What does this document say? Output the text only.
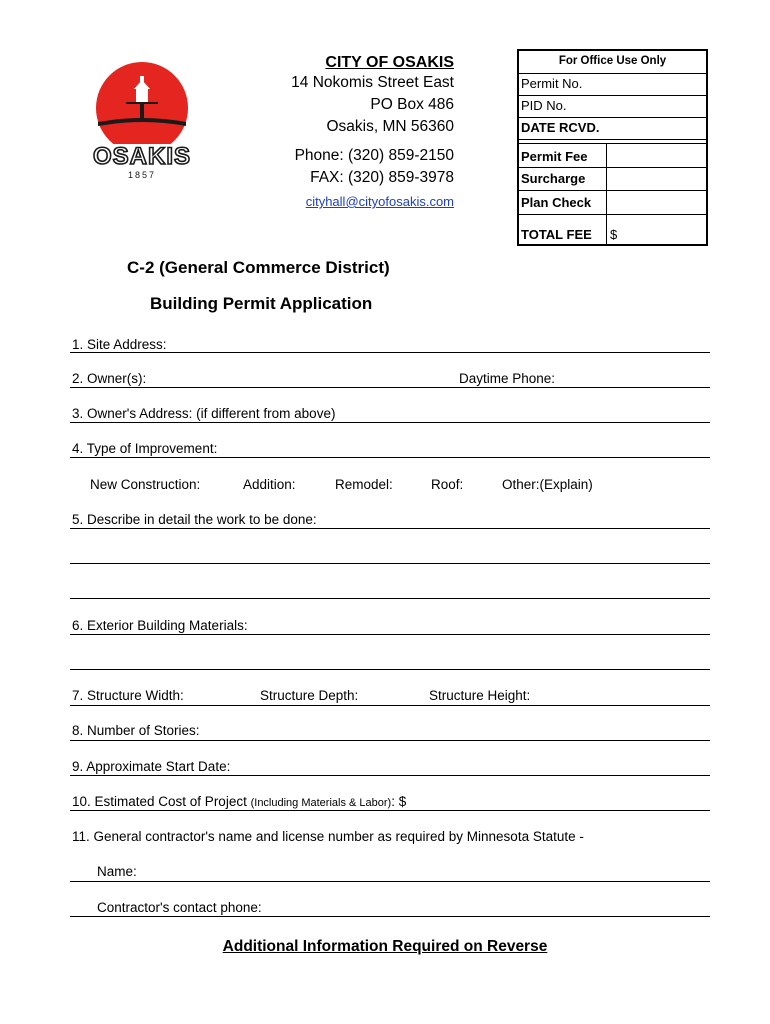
OSAKIS
1857
CITY OF OSAKIS
14 Nokomis Street East
PO Box 486
Osakis, MN 56360
Phone: (320) 859-2150
FAX: (320) 859-3978
cityhall@cityofosakis.com
For Office Use Only
Permit No.
PID No.
DATE RCVD.
Permit Fee
Surcharge
Plan Check
TOTAL FEE $
C-2 (General Commerce District)
Building Permit Application
1. Site Address:
2. Owner(s):	Daytime Phone:
3. Owner's Address: (if different from above)
4. Type of Improvement:
New Construction:	Addition:	Remodel:	Roof:	Other:(Explain)
5. Describe in detail the work to be done:
6. Exterior Building Materials:
7. Structure Width:	Structure Depth:	Structure Height:
8. Number of Stories:
9. Approximate Start Date:
10. Estimated Cost of Project (Including Materials & Labor): $
11. General contractor's name and license number as required by Minnesota Statute -
Name:
Contractor's contact phone:
Additional Information Required on Reverse
